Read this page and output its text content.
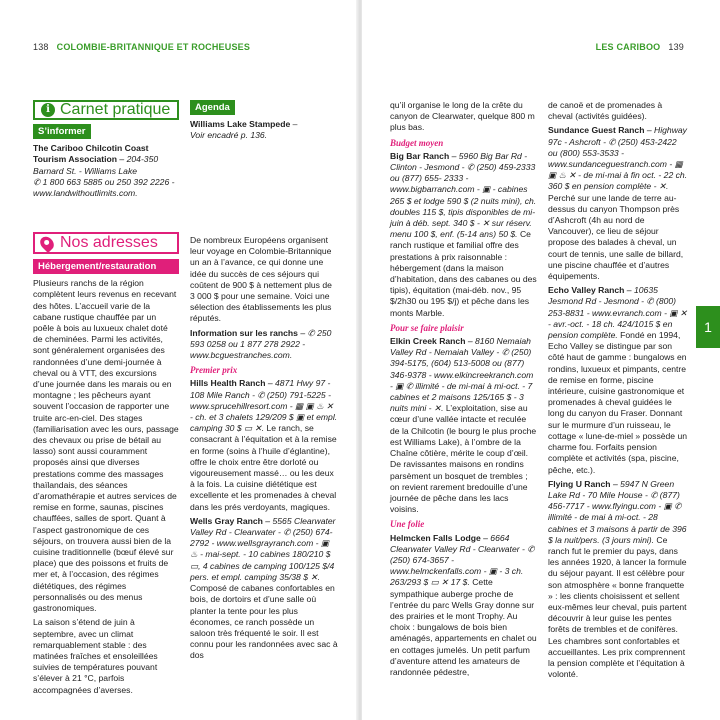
138 COLOMBIE-BRITANNIQUE ET ROCHEUSES
i Carnet pratique
S’informer

The Cariboo Chilcotin Coast Tourism Association – 204-350 Barnard St. - Williams Lake
✆ 1 800 663 5885 ou 250 392 2226 - www.landwithoutlimits.com.

Agenda

Williams Lake Stampede –
Voir encadré p. 136.

Nos adresses
Hébergement/restauration

Plusieurs ranchs de la région complètent leurs revenus en recevant des hôtes. L’accueil varie de la cabane rustique chauffée par un poêle à bois au luxueux chalet doté de cheminées. Parmi les activités, sont généralement organisées des randonnées d’une demi-journée à cheval ou à VTT, des excursions d’une journée dans les marais ou en montagne ; les pêcheurs ayant souvent l’occasion de rapporter une truite arc-en-ciel. Des stages (familiarisation avec les ours, passage des chevaux ou prise de bétail au lasso) sont aussi couramment proposés ainsi que diverses prestations comme des massages thaïlandais, des séances d’aromathérapie et autres services de remise en forme, saunas, piscines chauffées, salles de sport. Quant à l’aspect gastronomique de ces séjours, on trouvera aussi bien de la cuisine traditionnelle (bœuf élevé sur place) que des poissons et fruits de mer et, à l’occasion, des régimes diététiques, des régimes personnalisés ou des menus gastronomiques.

La saison s’étend de juin à septembre, avec un climat remarquablement stable : des matinées fraîches et ensoleillées suivies de températures pouvant s’élever à 21 °C, parfois accompagnées d’averses.

De nombreux Européens organisent leur voyage en Colombie-Britannique un an à l’avance, ce qui donne une idée du succès de ces séjours qui coûtent de 900 $ à nettement plus de 3 000 $ pour une semaine. Voici une sélection des établissements les plus réputés.

Information sur les ranchs – ✆ 250 593 0258 ou 1 877 278 2922 - www.bcguestranches.com.

Premier prix

Hills Health Ranch – 4871 Hwy 97 - 108 Mile Ranch - ✆ (250) 791-5225 - www.sprucehillresort.com - ▦ ▣ ♨ ✕ - ch. et 3 chalets 129/209 $ ▣ et empl. camping 30 $ ▭ ✕. Le ranch, se consacrant à l’équitation et à la remise en forme (soins à l’huile d’églantine), offre le choix entre être dorloté ou vigoureusement massé… ou les deux à la fois. La cuisine diététique est excellente et les promenades à cheval dans les prés verdoyants, magiques.

Wells Gray Ranch – 5565 Clearwater Valley Rd - Clearwater - ✆ (250) 674-2792 - www.wellsgrayranch.com - ▣ ♨ - mai-sept. - 10 cabines 180/210 $ ▭, 4 cabines de camping 100/125 $/4 pers. et empl. camping 35/38 $ ✕. Composé de cabanes confortables en bois, de dortoirs et d’une salle où planter la tente pour les plus économes, ce ranch possède un saloon très fréquenté le soir. Il est connu pour les randonnées avec sac à dos

LES CARIBOO 139

qu’il organise le long de la crête du canyon de Clearwater, quelque 800 m plus bas.

Budget moyen

Big Bar Ranch – 5960 Big Bar Rd - Clinton - Jesmond - ✆ (250) 459-2333 ou (877) 655- 2333 - www.bigbarranch.com - ▣ - cabines 265 $ et lodge 590 $ (2 nuits mini), ch. doubles 115 $, tipis disponibles de mi-juin à déb. sept. 340 $ - ✕ sur réserv. menu 100 $, enf. (5-14 ans) 50 $. Ce ranch rustique et familial offre des prestations à prix raisonnable : hébergement (dans la maison d’habitation, dans des cabanes ou des tipis), équitation (mai-déb. nov., 95 $/2h30 ou 195 $/j) et pêche dans les monts Marble.

Pour se faire plaisir

Elkin Creek Ranch – 8160 Nemaiah Valley Rd - Nemaiah Valley - ✆ (250) 394-5175, (604) 513-5008 ou (877) 346-9378 - www.elkincreekranch.com - ▣ ✆ illimité - de mi-mai à mi-oct. - 7 cabines et 2 maisons 125/165 $ - 3 nuits mini - ✕. L’exploitation, sise au cœur d’une vallée intacte et reculée de la Chilcotin (le bourg le plus proche est Williams Lake), à l’ombre de la Chaîne côtière, mérite le coup d’œil. De ravissantes maisons en rondins parsèment un bosquet de trembles ; on revient rarement bredouille d’une journée de pêche dans les lacs voisins.

Une folie

Helmcken Falls Lodge – 6664 Clearwater Valley Rd - Clearwater - ✆ (250) 674-3657 - www.helmckenfalls.com - ▣ - 3 ch. 263/293 $ ▭ ✕ 17 $. Cette sympathique auberge proche de l’entrée du parc Wells Gray donne sur des prairies et le mont Trophy. Au choix : bungalows de bois bien aménagés, appartements en chalet ou en cottages jumelés. Un petit parfum d’aventure attend les amateurs de randonnée pédestre,

de canoë et de promenades à cheval (activités guidées).

Sundance Guest Ranch – Highway 97c - Ashcroft - ✆ (250) 453-2422 ou (800) 553-3533 - www.sundanceguestranch.com - ▦ ▣ ♨ ✕ - de mi-mai à fin oct. - 22 ch. 360 $ en pension complète - ✕. Perché sur une lande de terre au-dessus du canyon Thompson près d’Ashcroft (4h au nord de Vancouver), ce lieu de séjour propose des balades à cheval, un court de tennis, une salle de billard, une piscine chauffée et d’autres équipements.

Echo Valley Ranch – 10635 Jesmond Rd - Jesmond - ✆ (800) 253-8831 - www.evranch.com - ▣ ✕ - avr.-oct. - 18 ch. 424/1015 $ en pension complète. Fondé en 1994, Echo Valley se distingue par son côté haut de gamme : bungalows en rondins, luxueux et pimpants, centre de remise en forme, piscine intérieure, cuisine gastronomique et promenades à cheval guidées le long du canyon du Fraser. Donnant sur le murmure d’un ruisseau, le cottage « lune-de-miel » possède un charme fou. Forfaits pension complète et activités (spa, piscine, pêche, etc.).

Flying U Ranch – 5947 N Green Lake Rd - 70 Mile House - ✆ (877) 456-7717 - www.flyingu.com - ▣ ✆ illimité - de mai à mi-oct. - 28 cabines et 3 maisons à partir de 396 $ la nuit/pers. (3 jours mini). Ce ranch fut le premier du pays, dans les années 1920, à lancer la formule du séjour payant. Il est célèbre pour son atmosphère « bonne franquette » : les clients choisissent et sellent eux-mêmes leur cheval, puis partent découvrir à leur guise les pentes forêts de trembles et de conifères. Les chambres sont confortables et accueillantes. Les prix comprennent la pension complète et l’équitation à volonté.

1
